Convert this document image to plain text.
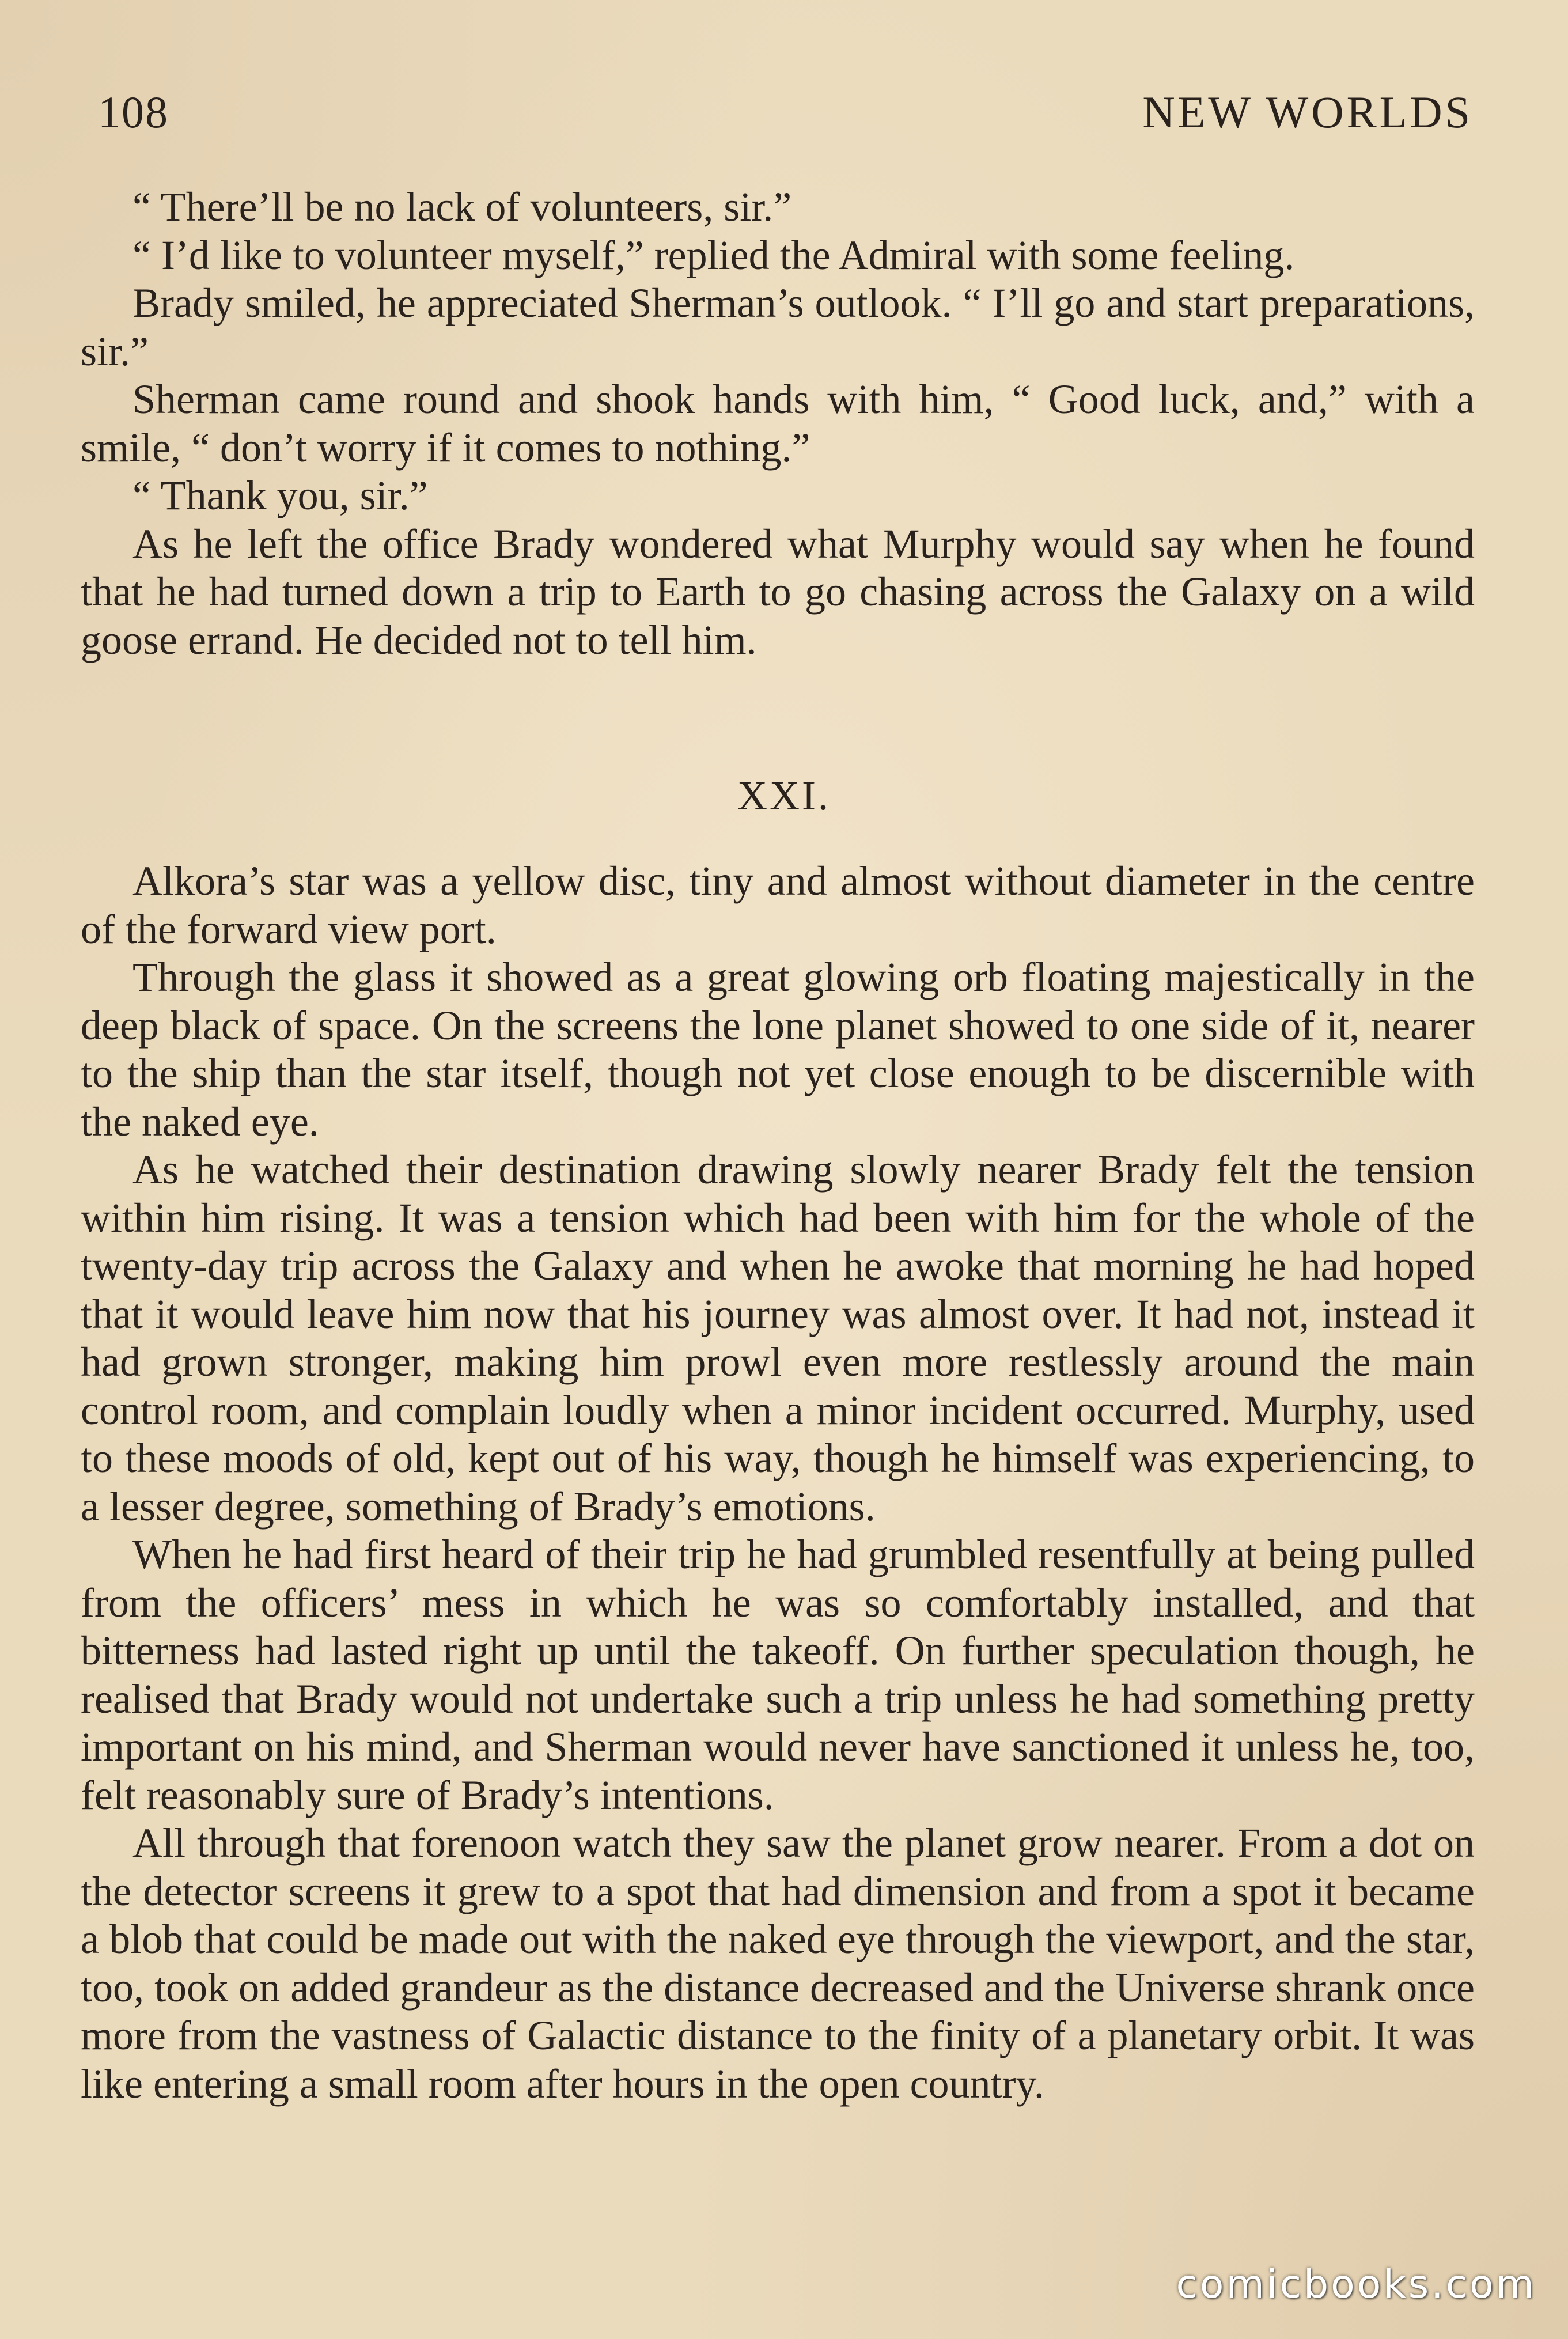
108	NEW WORLDS

“ There’ll be no lack of volunteers, sir.”

“ I’d like to volunteer myself,” replied the Admiral with some feeling.

Brady smiled, he appreciated Sherman’s outlook. “ I’ll go and start preparations, sir.”

Sherman came round and shook hands with him, “ Good luck, and,” with a smile, “ don’t worry if it comes to nothing.”

“ Thank you, sir.”

As he left the office Brady wondered what Murphy would say when he found that he had turned down a trip to Earth to go chasing across the Galaxy on a wild goose errand. He decided not to tell him.

XXI.

Alkora’s star was a yellow disc, tiny and almost without diameter in the centre of the forward view port.

Through the glass it showed as a great glowing orb floating majestically in the deep black of space. On the screens the lone planet showed to one side of it, nearer to the ship than the star itself, though not yet close enough to be discernible with the naked eye.

As he watched their destination drawing slowly nearer Brady felt the tension within him rising. It was a tension which had been with him for the whole of the twenty-day trip across the Galaxy and when he awoke that morning he had hoped that it would leave him now that his journey was almost over. It had not, instead it had grown stronger, making him prowl even more restlessly around the main control room, and complain loudly when a minor incident occurred. Murphy, used to these moods of old, kept out of his way, though he himself was experiencing, to a lesser degree, something of Brady’s emotions.

When he had first heard of their trip he had grumbled resentfully at being pulled from the officers’ mess in which he was so comfortably installed, and that bitterness had lasted right up until the takeoff. On further speculation though, he realised that Brady would not undertake such a trip unless he had something pretty important on his mind, and Sherman would never have sanctioned it unless he, too, felt reasonably sure of Brady’s intentions.

All through that forenoon watch they saw the planet grow nearer. From a dot on the detector screens it grew to a spot that had dimension and from a spot it became a blob that could be made out with the naked eye through the viewport, and the star, too, took on added grandeur as the distance decreased and the Universe shrank once more from the vastness of Galactic distance to the finity of a planetary orbit. It was like entering a small room after hours in the open country.

comicbooks.com
